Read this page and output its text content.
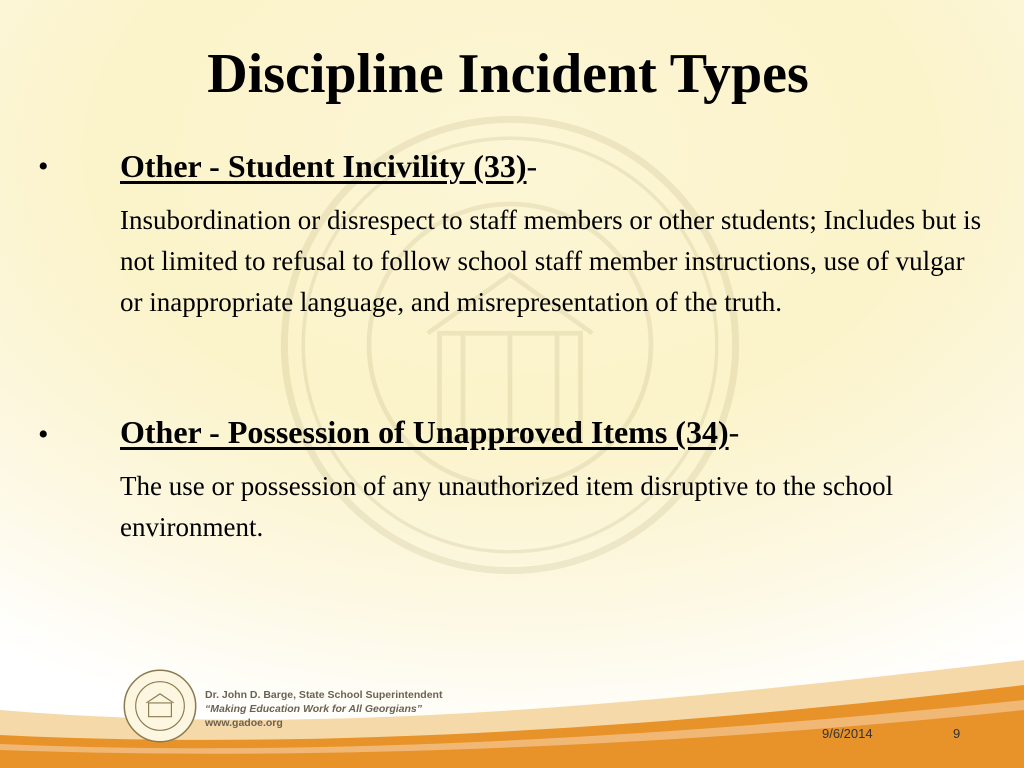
Discipline Incident Types
• Other - Student Incivility (33)-
Insubordination or disrespect to staff members or other students; Includes but is not limited to refusal to follow school staff member instructions, use of vulgar or inappropriate language, and misrepresentation of the truth.
• Other - Possession of Unapproved Items (34)-
The use or possession of any unauthorized item disruptive to the school environment.
Dr. John D. Barge, State School Superintendent
“Making Education Work for All Georgians”
www.gadoe.org
9/6/2014	9
